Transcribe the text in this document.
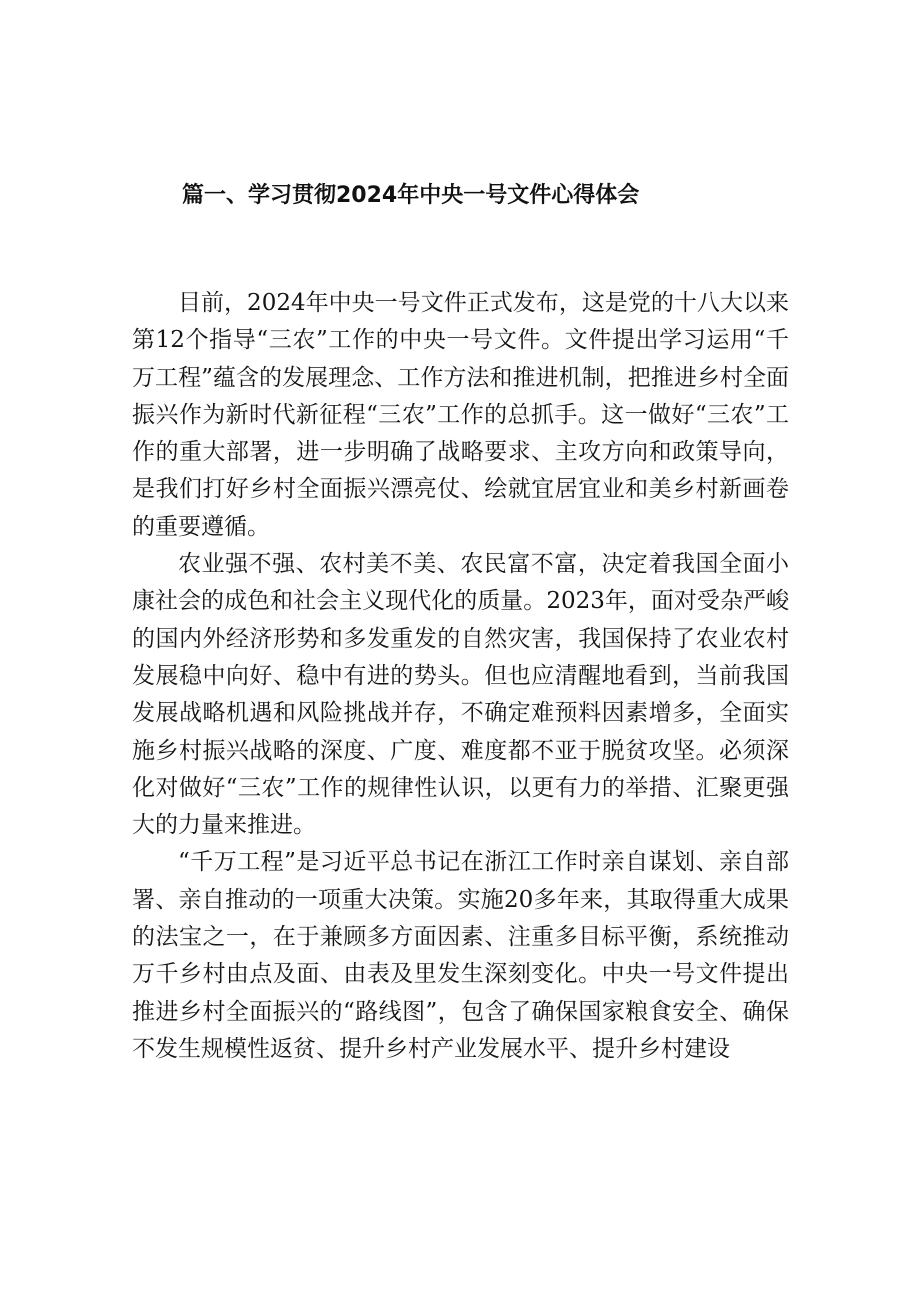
篇一、学习贯彻2024年中央一号文件心得体会

目前，2024年中央一号文件正式发布，这是党的十八大以来第12个指导“三农”工作的中央一号文件。文件提出学习运用“千万工程”蕴含的发展理念、工作方法和推进机制，把推进乡村全面振兴作为新时代新征程“三农”工作的总抓手。这一做好“三农”工作的重大部署，进一步明确了战略要求、主攻方向和政策导向，是我们打好乡村全面振兴漂亮仗、绘就宜居宜业和美乡村新画卷的重要遵循。

农业强不强、农村美不美、农民富不富，决定着我国全面小康社会的成色和社会主义现代化的质量。2023年，面对受杂严峻的国内外经济形势和多发重发的自然灾害，我国保持了农业农村发展稳中向好、稳中有进的势头。但也应清醒地看到，当前我国发展战略机遇和风险挑战并存，不确定难预料因素增多，全面实施乡村振兴战略的深度、广度、难度都不亚于脱贫攻坚。必须深化对做好“三农”工作的规律性认识，以更有力的举措、汇聚更强大的力量来推进。

“千万工程”是习近平总书记在浙江工作时亲自谋划、亲自部署、亲自推动的一项重大决策。实施20多年来，其取得重大成果的法宝之一，在于兼顾多方面因素、注重多目标平衡，系统推动万千乡村由点及面、由表及里发生深刻变化。中央一号文件提出推进乡村全面振兴的“路线图”，包含了确保国家粮食安全、确保不发生规模性返贫、提升乡村产业发展水平、提升乡村建设
